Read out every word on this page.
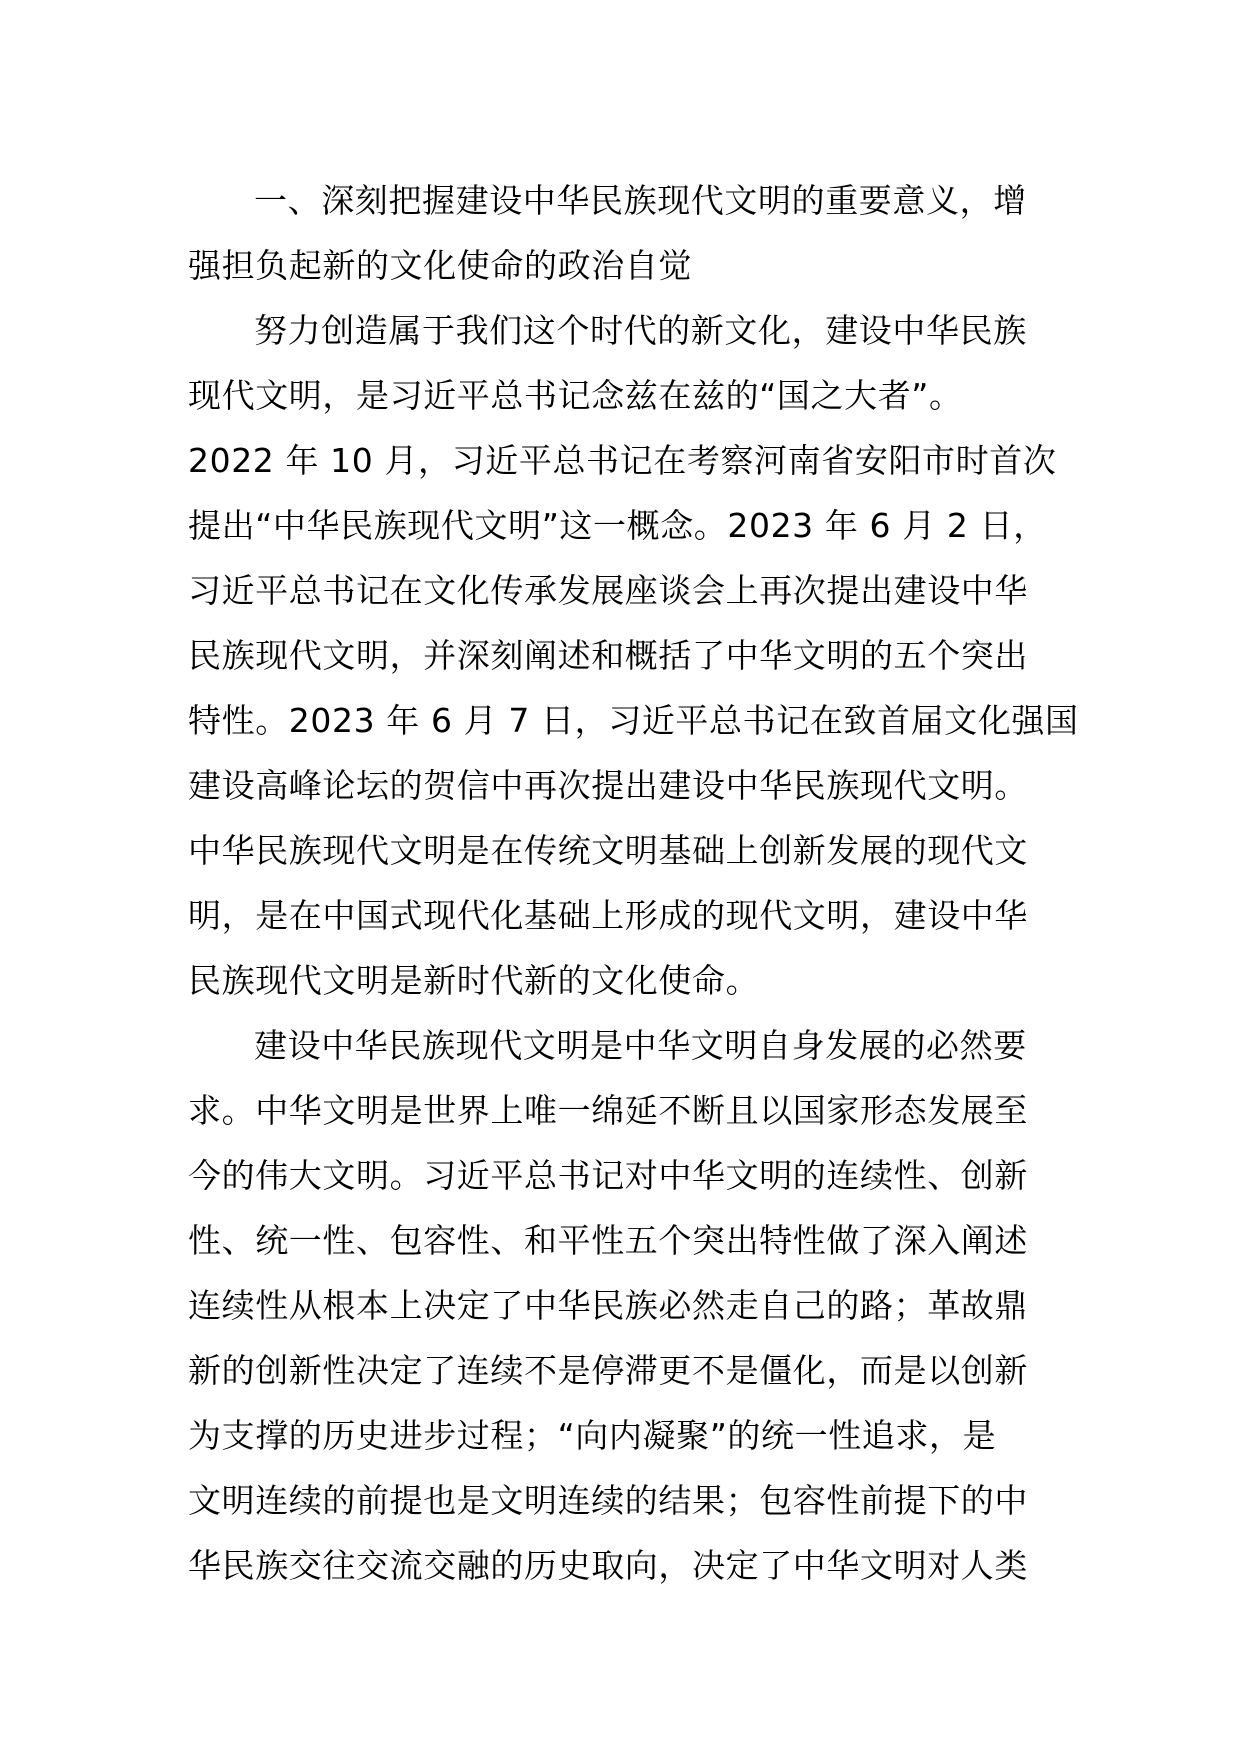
一、深刻把握建设中华民族现代文明的重要意义，增
强担负起新的文化使命的政治自觉
努力创造属于我们这个时代的新文化，建设中华民族
现代文明，是习近平总书记念兹在兹的“国之大者”。
2022 年 10 月，习近平总书记在考察河南省安阳市时首次
提出“中华民族现代文明”这一概念。2023 年 6 月 2 日，
习近平总书记在文化传承发展座谈会上再次提出建设中华
民族现代文明，并深刻阐述和概括了中华文明的五个突出
特性。2023 年 6 月 7 日，习近平总书记在致首届文化强国
建设高峰论坛的贺信中再次提出建设中华民族现代文明。
中华民族现代文明是在传统文明基础上创新发展的现代文
明，是在中国式现代化基础上形成的现代文明，建设中华
民族现代文明是新时代新的文化使命。
建设中华民族现代文明是中华文明自身发展的必然要
求。中华文明是世界上唯一绵延不断且以国家形态发展至
今的伟大文明。习近平总书记对中华文明的连续性、创新
性、统一性、包容性、和平性五个突出特性做了深入阐述
连续性从根本上决定了中华民族必然走自己的路；革故鼎
新的创新性决定了连续不是停滞更不是僵化，而是以创新
为支撑的历史进步过程；“向内凝聚”的统一性追求，是
文明连续的前提也是文明连续的结果；包容性前提下的中
华民族交往交流交融的历史取向，决定了中华文明对人类
